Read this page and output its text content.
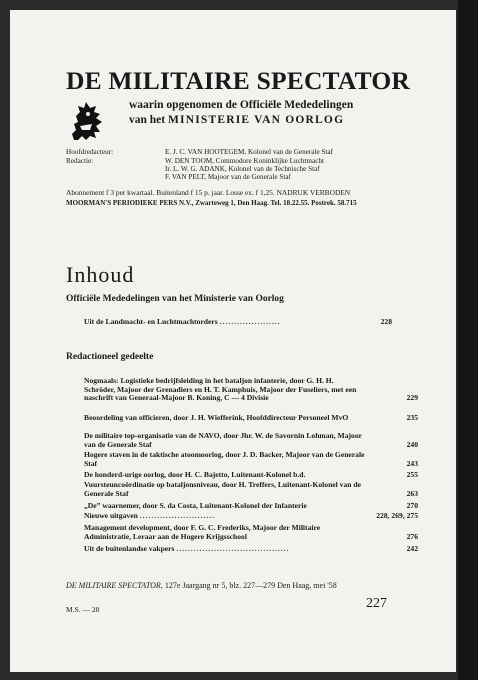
DE MILITAIRE SPECTATOR
waarin opgenomen de Officiële Mededelingen
van het MINISTERIE VAN OORLOG
Hoofdredacteur:	E. J. C. VAN HOOTEGEM, Kolonel van de Generale Staf
Redactie:	W. DEN TOOM, Commodore Koninklijke Luchtmacht
Ir. L. W. G. ADANK, Kolonel van de Technische Staf
F. VAN PELT, Majoor van de Generale Staf
Abonnement f 3 per kwartaal. Buitenland f 15 p. jaar. Losse ex. f 1,25. NADRUK VERBODEN
MOORMAN'S PERIODIEKE PERS N.V., Zwarteweg 1, Den Haag. Tel. 18.22.55. Postrek. 58.715
Inhoud
Officiële Mededelingen van het Ministerie van Oorlog
Uit de Landmacht- en Luchtmachtorders .....................	228
Redactioneel gedeelte
Nogmaals: Logistieke bedrijfsleiding in het bataljon infanterie, door G. H. H. Schröder, Majoor der Grenadiers en H. T. Kamphuis, Majoor der Fuseliers, met een naschrift van Generaal-Majoor B. Koning, C — 4 Divisie	229
Beoordeling van officieren, door J. H. Wiefferink, Hoofddirecteur Personeel MvO	235
De militaire top-organisatie van de NAVO, door Jhr. W. de Savornin Lohman, Majoor van de Generale Staf	240
Hogere staven in de taktische atoomoorlog, door J. D. Backer, Majoor van de Generale Staf	243
De honderd-urige oorlog, door H. C. Bajetto, Luitenant-Kolonel b.d.	255
Vuursteuncoördinatie op bataljonsniveau, door H. Treffers, Luitenant-Kolonel van de Generale Staf	263
„De” waarnemer, door S. da Costa, Luitenant-Kolonel der Infanterie	270
Nieuwe uitgaven ..........................	228, 269, 275
Management development, door F. G. C. Frederiks, Majoor der Militaire Administratie, Leraar aan de Hogere Krijgsschool	276
Uit de buitenlandse vakpers .......................................	242
DE MILITAIRE SPECTATOR, 127e Jaargang nr 5, blz. 227—279 Den Haag, mei '58
M.S. — 28	227
